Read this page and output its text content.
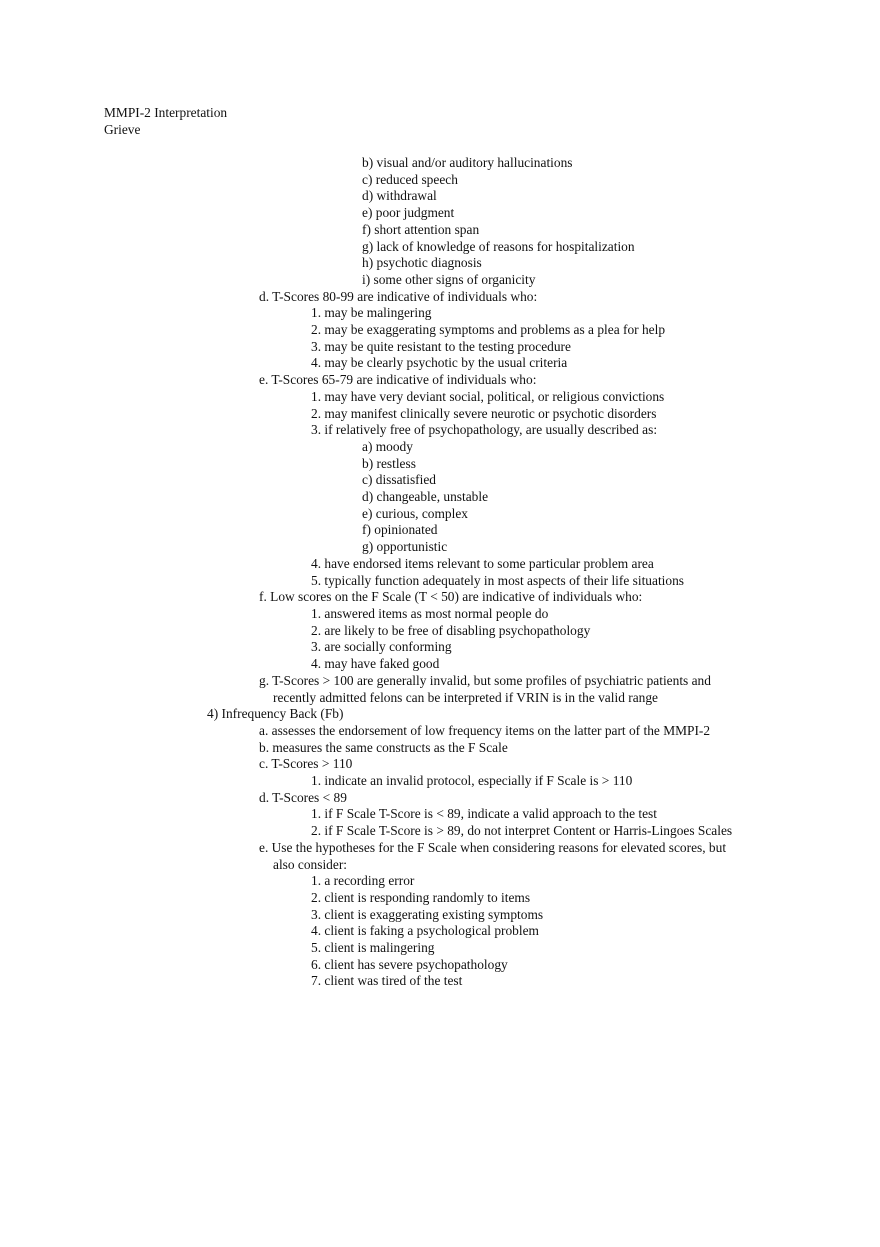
MMPI-2 Interpretation
Grieve
b) visual and/or auditory hallucinations
c) reduced speech
d) withdrawal
e) poor judgment
f) short attention span
g) lack of knowledge of reasons for hospitalization
h) psychotic diagnosis
i) some other signs of organicity
d. T-Scores 80-99 are indicative of individuals who:
1. may be malingering
2. may be exaggerating symptoms and problems as a plea for help
3. may be quite resistant to the testing procedure
4. may be clearly psychotic by the usual criteria
e. T-Scores 65-79 are indicative of individuals who:
1. may have very deviant social, political, or religious convictions
2. may manifest clinically severe neurotic or psychotic disorders
3. if relatively free of psychopathology, are usually described as:
a) moody
b) restless
c) dissatisfied
d) changeable, unstable
e) curious, complex
f) opinionated
g) opportunistic
4. have endorsed items relevant to some particular problem area
5. typically function adequately in most aspects of their life situations
f. Low scores on the F Scale (T < 50) are indicative of individuals who:
1. answered items as most normal people do
2. are likely to be free of disabling psychopathology
3. are socially conforming
4. may have faked good
g. T-Scores > 100 are generally invalid, but some profiles of psychiatric patients and
recently admitted felons can be interpreted if VRIN is in the valid range
4) Infrequency Back (Fb)
a. assesses the endorsement of low frequency items on the latter part of the MMPI-2
b. measures the same constructs as the F Scale
c. T-Scores > 110
1. indicate an invalid protocol, especially if F Scale is > 110
d. T-Scores < 89
1. if F Scale T-Score is < 89, indicate a valid approach to the test
2. if F Scale T-Score is > 89, do not interpret Content or Harris-Lingoes Scales
e. Use the hypotheses for the F Scale when considering reasons for elevated scores, but
also consider:
1. a recording error
2. client is responding randomly to items
3. client is exaggerating existing symptoms
4. client is faking a psychological problem
5. client is malingering
6. client has severe psychopathology
7. client was tired of the test
